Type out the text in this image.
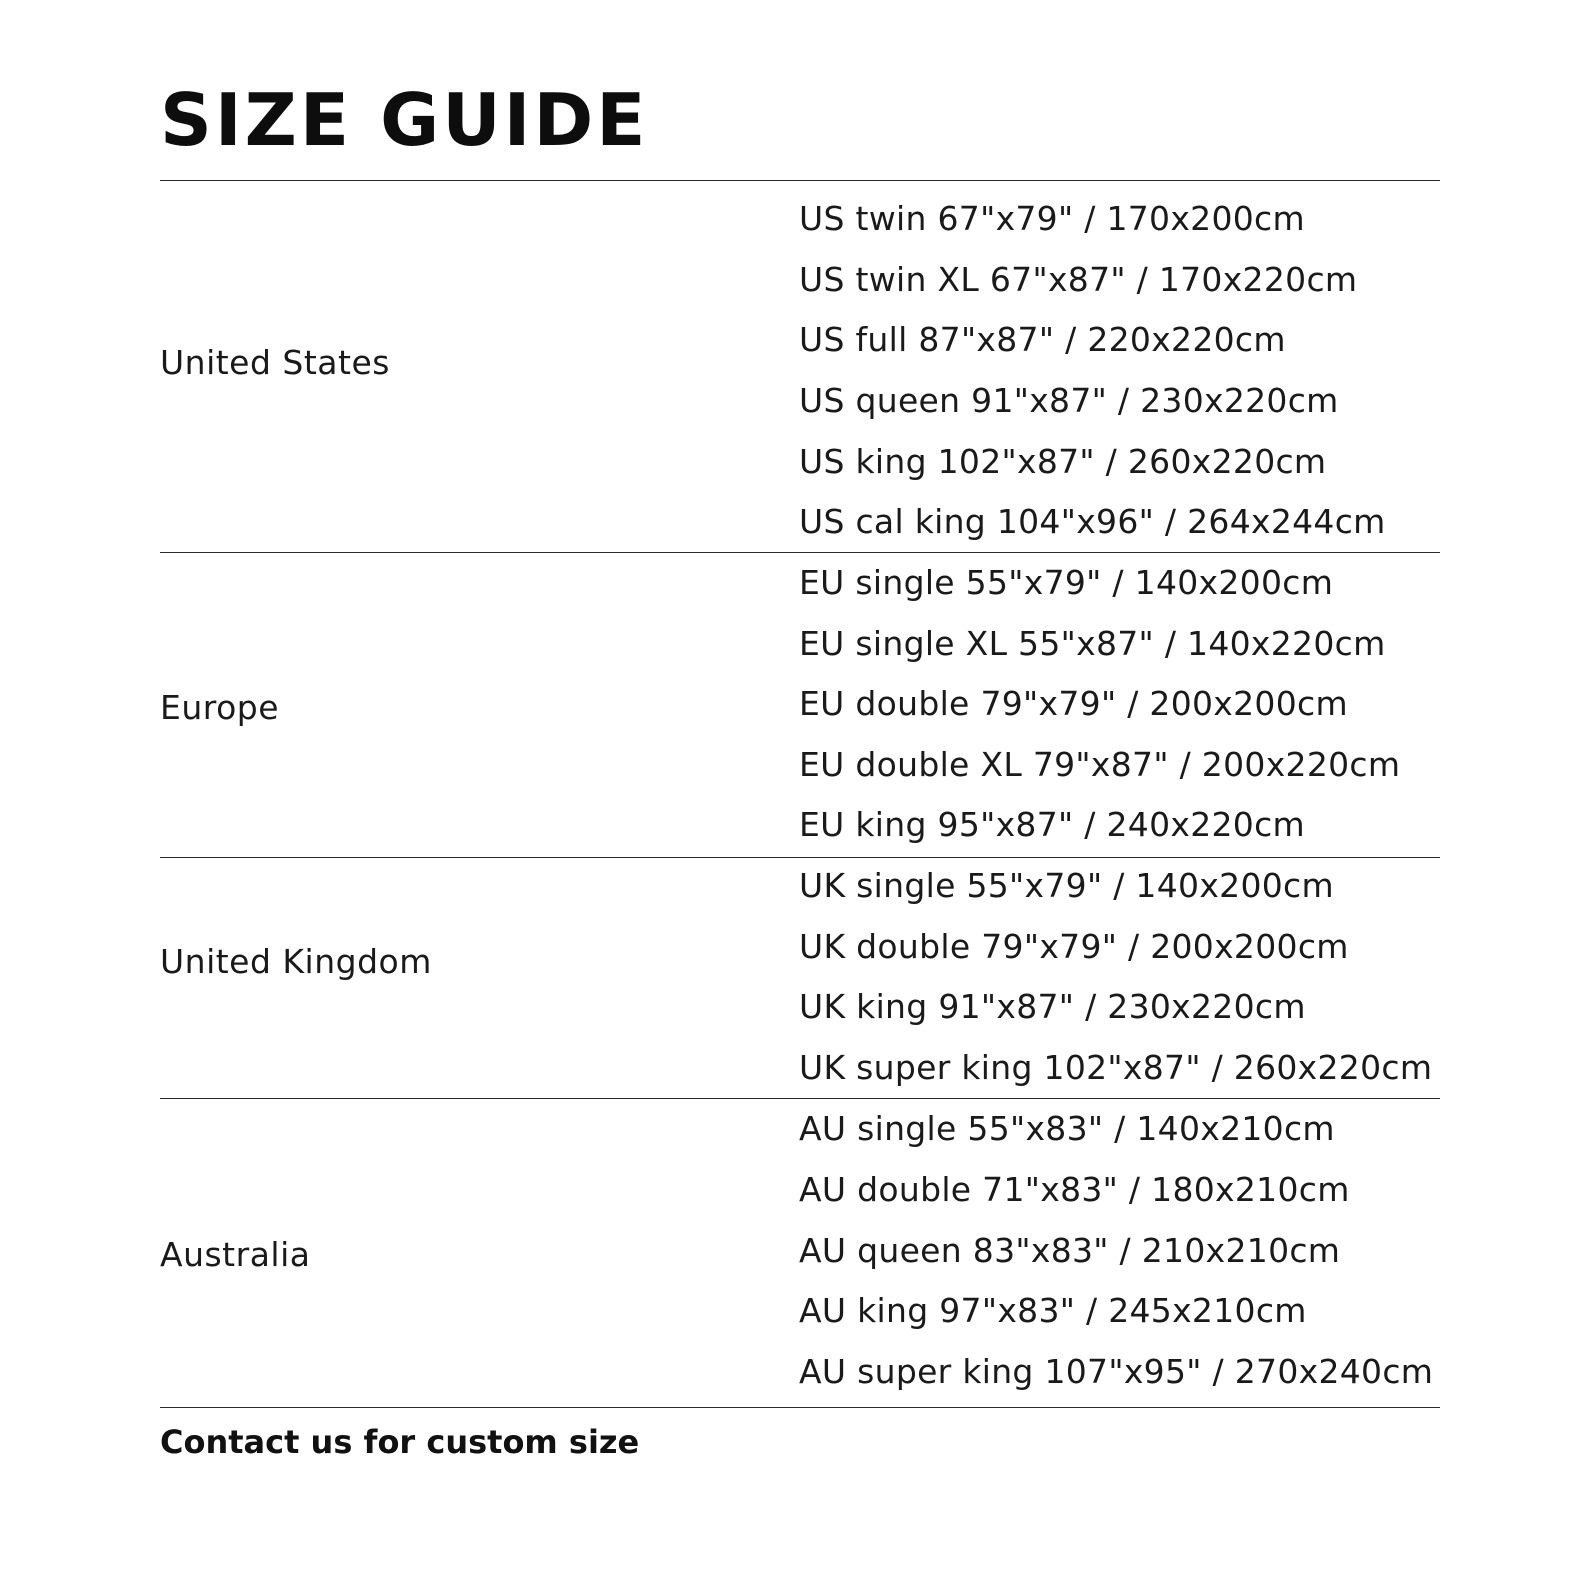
SIZE GUIDE

United States

US twin 67"x79" / 170x200cm

US twin XL 67"x87" / 170x220cm

US full 87"x87" / 220x220cm

US queen 91"x87" / 230x220cm

US king 102"x87" / 260x220cm

US cal king 104"x96" / 264x244cm

Europe

EU single 55"x79" / 140x200cm

EU single XL 55"x87" / 140x220cm

EU double 79"x79" / 200x200cm

EU double XL 79"x87" / 200x220cm

EU king 95"x87" / 240x220cm

United Kingdom

UK single 55"x79" / 140x200cm

UK double 79"x79" / 200x200cm

UK king 91"x87" / 230x220cm

UK super king 102"x87" / 260x220cm

Australia

AU single 55"x83" / 140x210cm

AU double 71"x83" / 180x210cm

AU queen 83"x83" / 210x210cm

AU king 97"x83" / 245x210cm

AU super king 107"x95" / 270x240cm

Contact us for custom size
